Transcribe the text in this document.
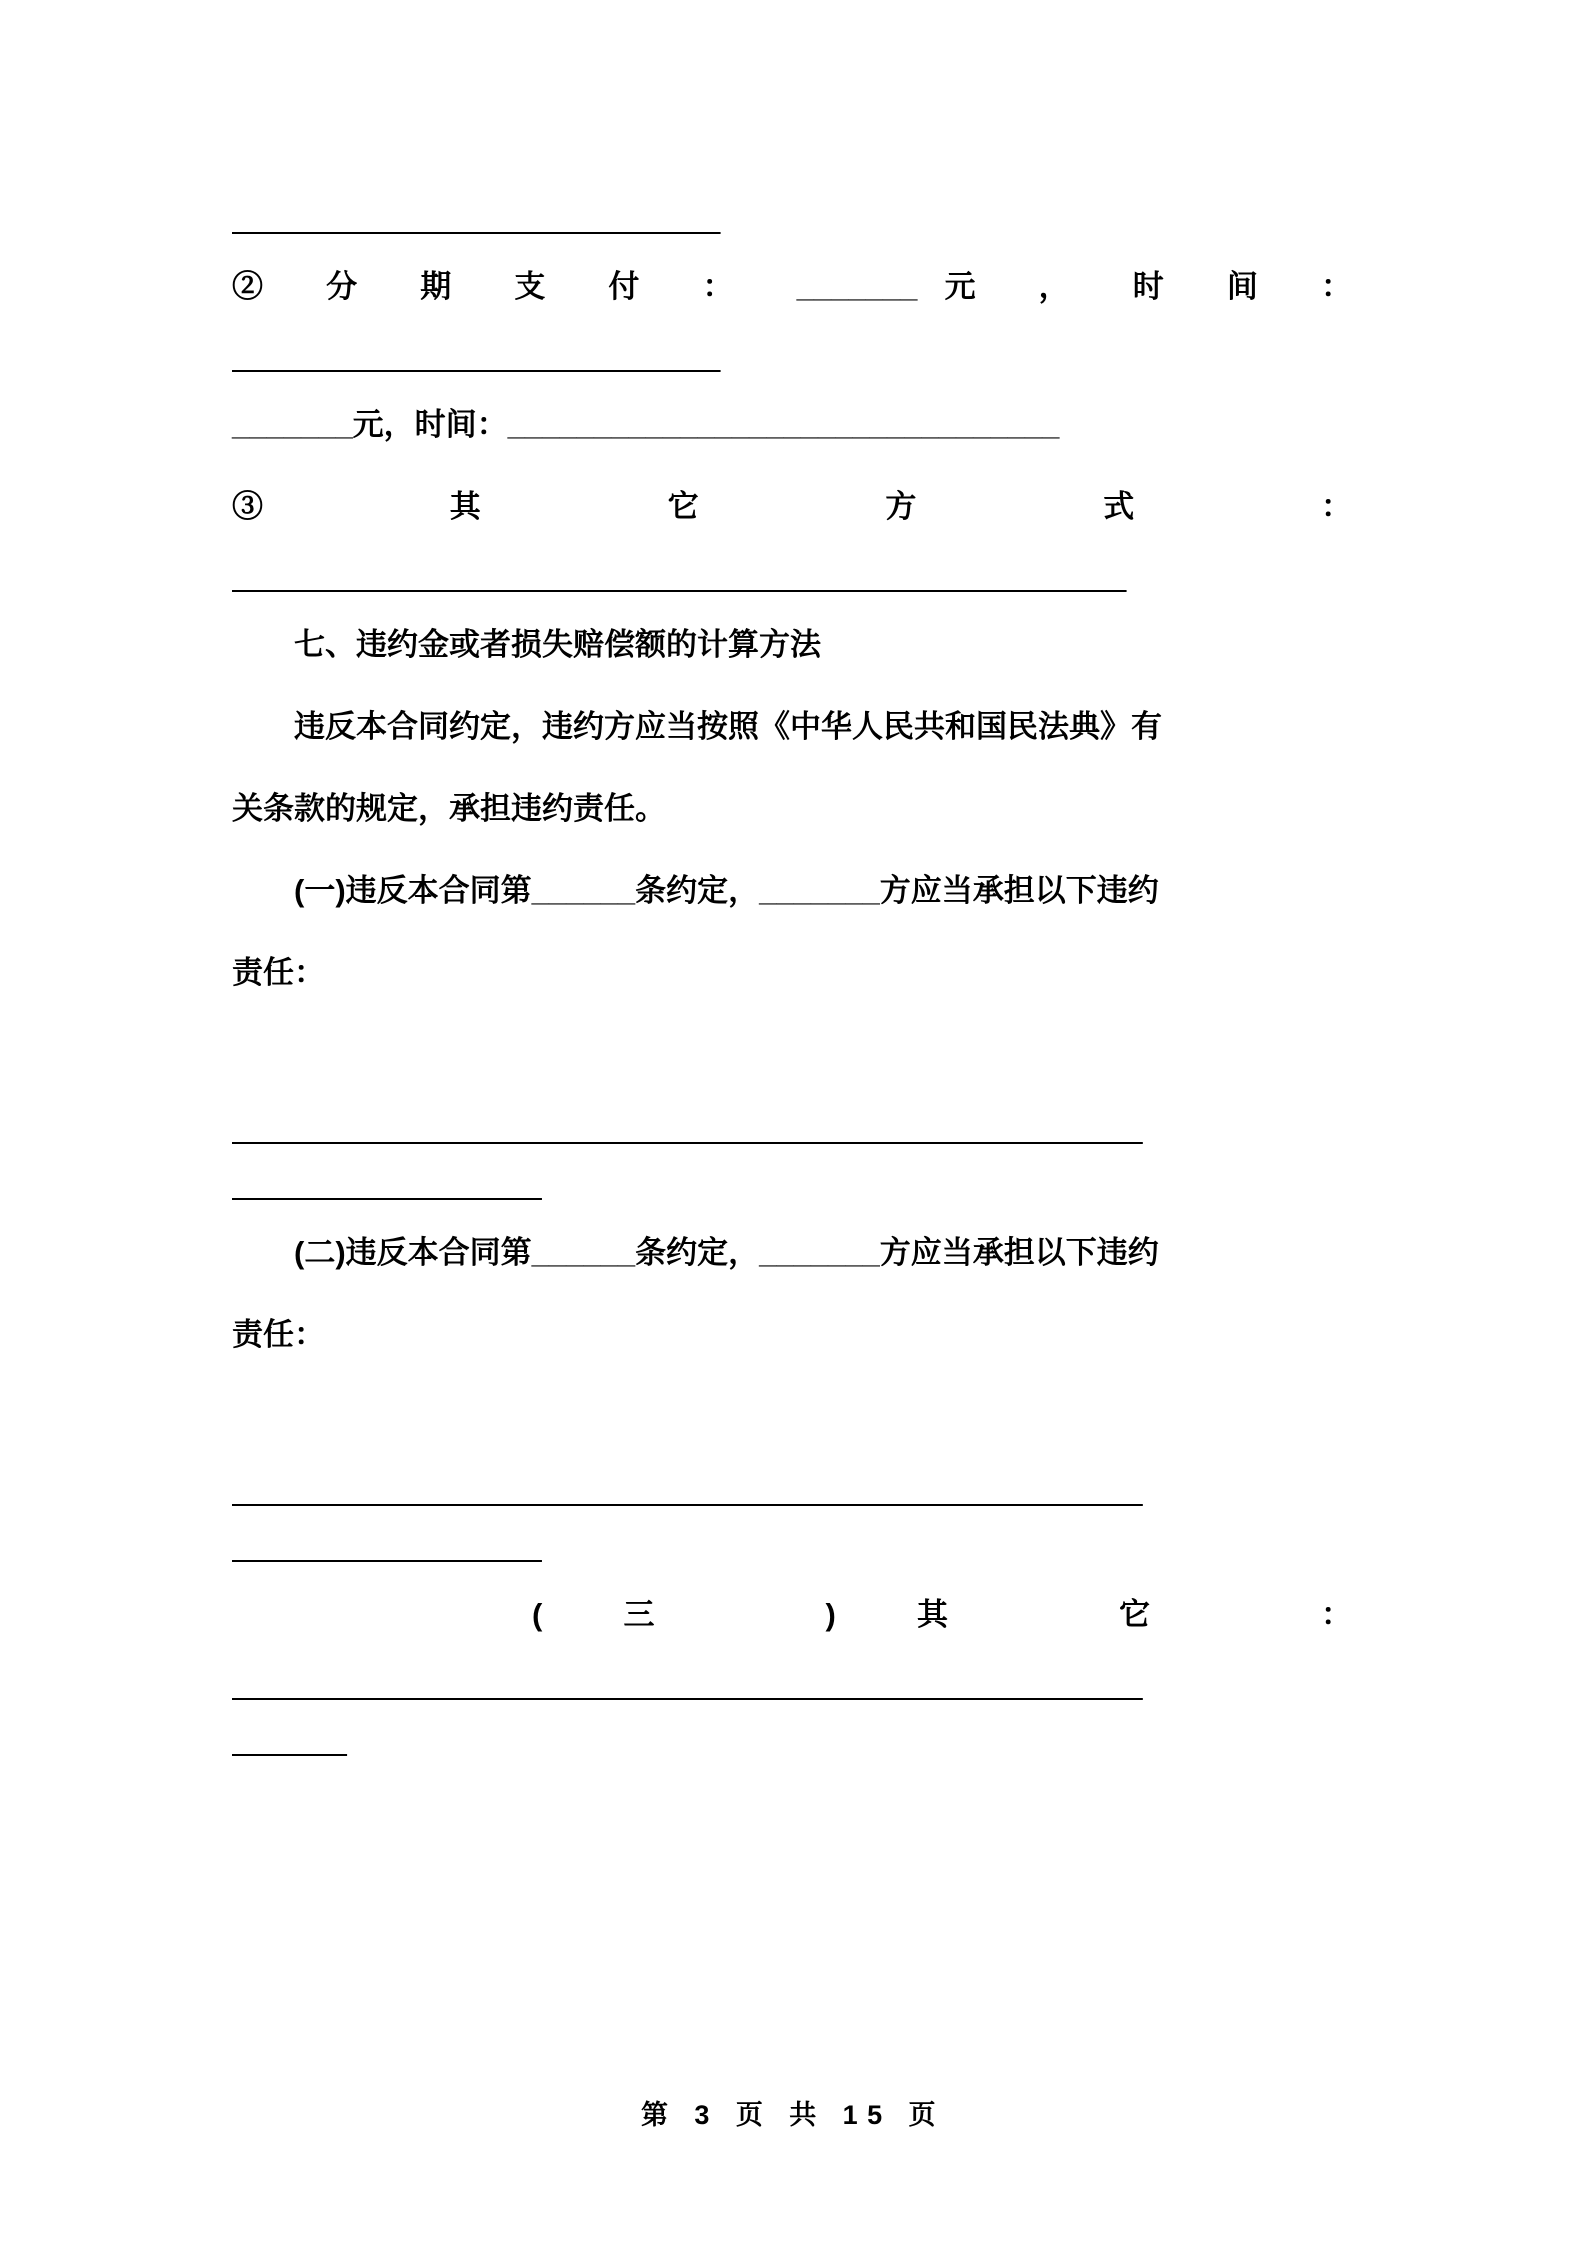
______________________________
② 分 期 支 付 ： _______元 ， 时 间 ：
______________________________
_______元，时间：________________________________
③ 其 它 方 式 ：
_______________________________________________________
七、违约金或者损失赔偿额的计算方法
违反本合同约定，违约方应当按照《中华人民共和国民法典》有
关条款的规定，承担违约责任。
(一)违反本合同第______条约定，_______方应当承担以下违约
责任：
________________________________________________________
___________________
(二)违反本合同第______条约定，_______方应当承担以下违约
责任：
________________________________________________________
___________________
(三 )其 它 ：
________________________________________________________
_______
第 3 页 共 15 页
